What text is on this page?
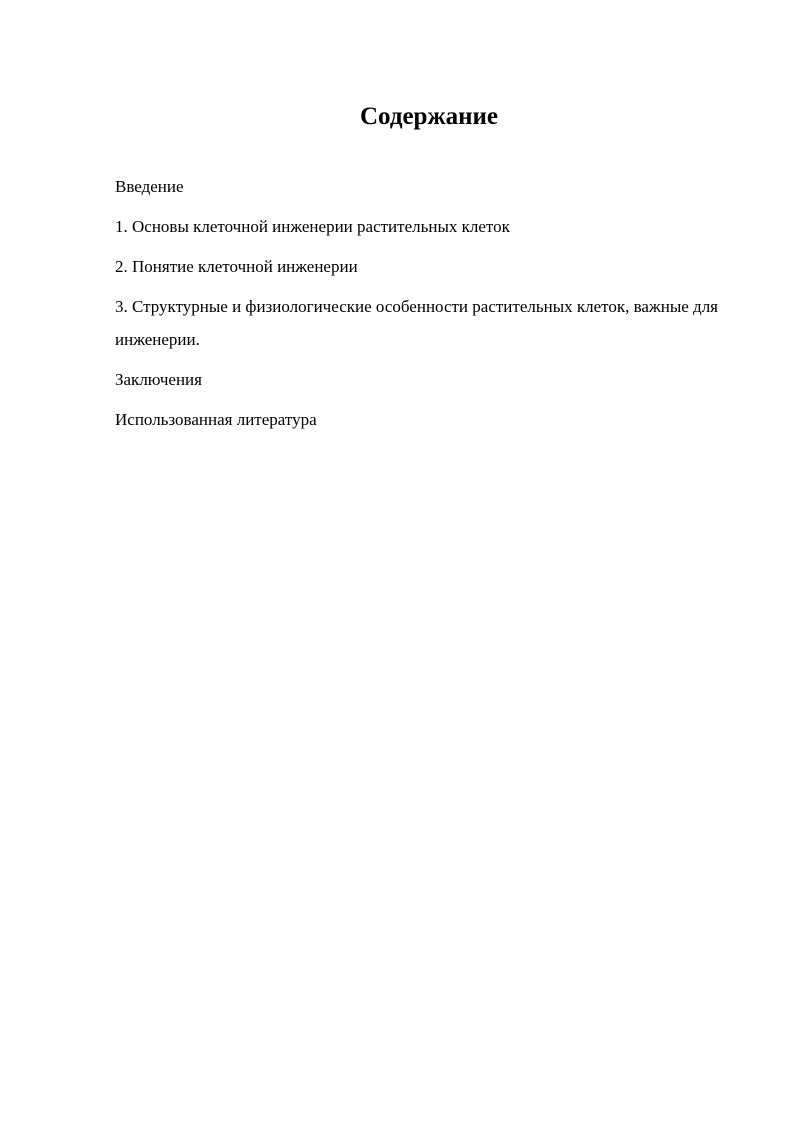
Содержание
Введение
1. Основы клеточной инженерии растительных клеток
2. Понятие клеточной инженерии
3. Структурные и физиологические особенности растительных клеток, важные для инженерии.
Заключения
Использованная литература
